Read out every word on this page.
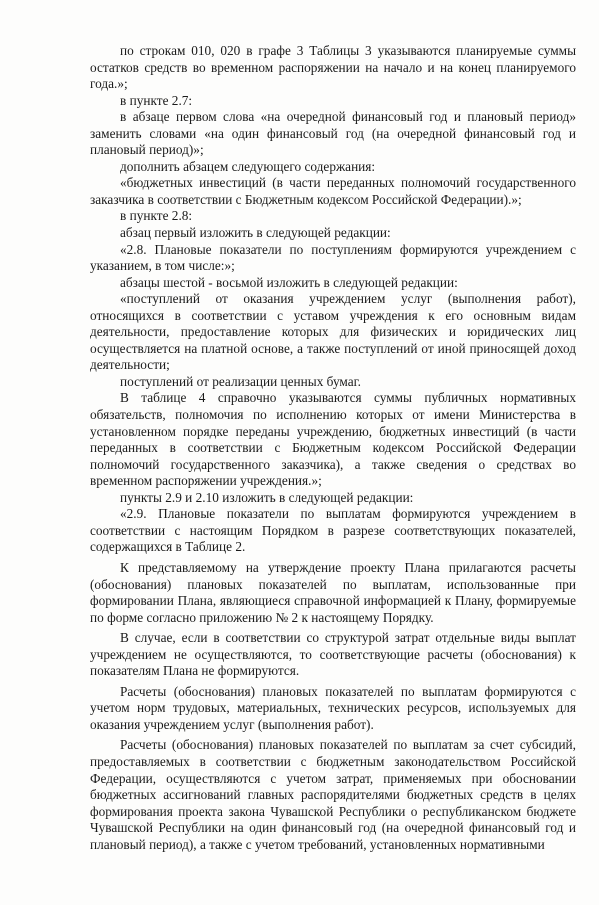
по строкам 010, 020 в графе 3 Таблицы 3 указываются планируемые суммы остатков средств во временном распоряжении на начало и на конец планируемого года.»;

в пункте 2.7:

в абзаце первом слова «на очередной финансовый год и плановый период» заменить словами «на один финансовый год (на очередной финансовый год и плановый период)»;

дополнить абзацем следующего содержания:

«бюджетных инвестиций (в части переданных полномочий государственного заказчика в соответствии с Бюджетным кодексом Российской Федерации).»;

в пункте 2.8:

абзац первый изложить в следующей редакции:

«2.8. Плановые показатели по поступлениям формируются учреждением с указанием, в том числе:»;

абзацы шестой - восьмой изложить в следующей редакции:

«поступлений от оказания учреждением услуг (выполнения работ), относящихся в соответствии с уставом учреждения к его основным видам деятельности, предоставление которых для физических и юридических лиц осуществляется на платной основе, а также поступлений от иной приносящей доход деятельности;

поступлений от реализации ценных бумаг.

В таблице 4 справочно указываются суммы публичных нормативных обязательств, полномочия по исполнению которых от имени Министерства в установленном порядке переданы учреждению, бюджетных инвестиций (в части переданных в соответствии с Бюджетным кодексом Российской Федерации полномочий государственного заказчика), а также сведения о средствах во временном распоряжении учреждения.»;

пункты 2.9 и 2.10 изложить в следующей редакции:

«2.9. Плановые показатели по выплатам формируются учреждением в соответствии с настоящим Порядком в разрезе соответствующих показателей, содержащихся в Таблице 2.

К представляемому на утверждение проекту Плана прилагаются расчеты (обоснования) плановых показателей по выплатам, использованные при формировании Плана, являющиеся справочной информацией к Плану, формируемые по форме согласно приложению № 2 к настоящему Порядку.

В случае, если в соответствии со структурой затрат отдельные виды выплат учреждением не осуществляются, то соответствующие расчеты (обоснования) к показателям Плана не формируются.

Расчеты (обоснования) плановых показателей по выплатам формируются с учетом норм трудовых, материальных, технических ресурсов, используемых для оказания учреждением услуг (выполнения работ).

Расчеты (обоснования) плановых показателей по выплатам за счет субсидий, предоставляемых в соответствии с бюджетным законодательством Российской Федерации, осуществляются с учетом затрат, применяемых при обосновании бюджетных ассигнований главных распорядителями бюджетных средств в целях формирования проекта закона Чувашской Республики о республиканском бюджете Чувашской Республики на один финансовый год (на очередной финансовый год и плановый период), а также с учетом требований, установленных нормативными
